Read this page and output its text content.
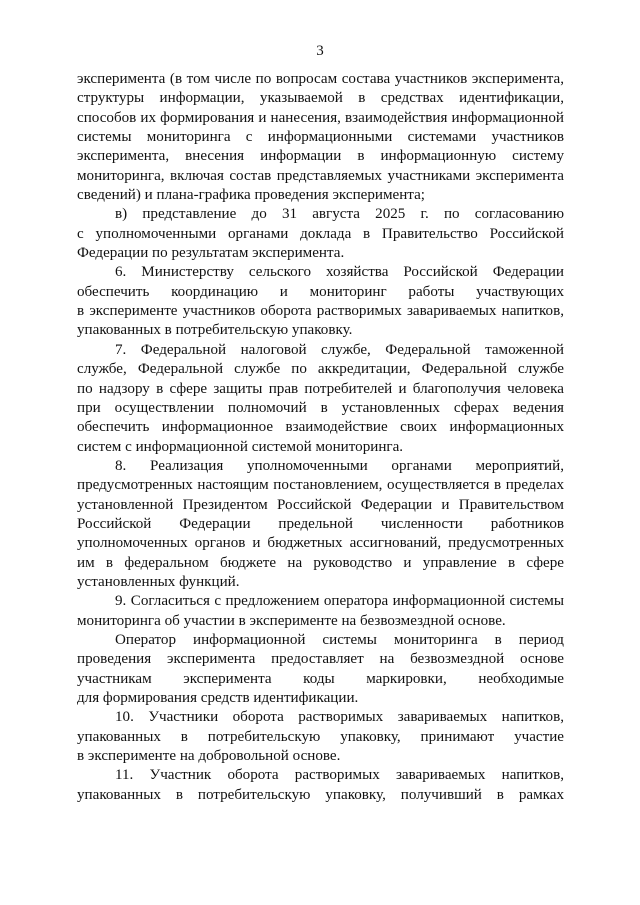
3
эксперимента (в том числе по вопросам состава участников эксперимента,
структуры информации, указываемой в средствах идентификации,
способов их формирования и нанесения, взаимодействия информационной
системы мониторинга с информационными системами участников
эксперимента, внесения информации в информационную систему
мониторинга, включая состав представляемых участниками эксперимента
сведений) и плана-графика проведения эксперимента;
в) представление до 31 августа 2025 г. по согласованию
с уполномоченными органами доклада в Правительство Российской
Федерации по результатам эксперимента.
6. Министерству сельского хозяйства Российской Федерации
обеспечить координацию и мониторинг работы участвующих
в эксперименте участников оборота растворимых завариваемых напитков,
упакованных в потребительскую упаковку.
7. Федеральной налоговой службе, Федеральной таможенной
службе, Федеральной службе по аккредитации, Федеральной службе
по надзору в сфере защиты прав потребителей и благополучия человека
при осуществлении полномочий в установленных сферах ведения
обеспечить информационное взаимодействие своих информационных
систем с информационной системой мониторинга.
8. Реализация уполномоченными органами мероприятий,
предусмотренных настоящим постановлением, осуществляется в пределах
установленной Президентом Российской Федерации и Правительством
Российской Федерации предельной численности работников
уполномоченных органов и бюджетных ассигнований, предусмотренных
им в федеральном бюджете на руководство и управление в сфере
установленных функций.
9. Согласиться с предложением оператора информационной системы
мониторинга об участии в эксперименте на безвозмездной основе.
Оператор информационной системы мониторинга в период
проведения эксперимента предоставляет на безвозмездной основе
участникам эксперимента коды маркировки, необходимые
для формирования средств идентификации.
10. Участники оборота растворимых завариваемых напитков,
упакованных в потребительскую упаковку, принимают участие
в эксперименте на добровольной основе.
11. Участник оборота растворимых завариваемых напитков,
упакованных в потребительскую упаковку, получивший в рамках
